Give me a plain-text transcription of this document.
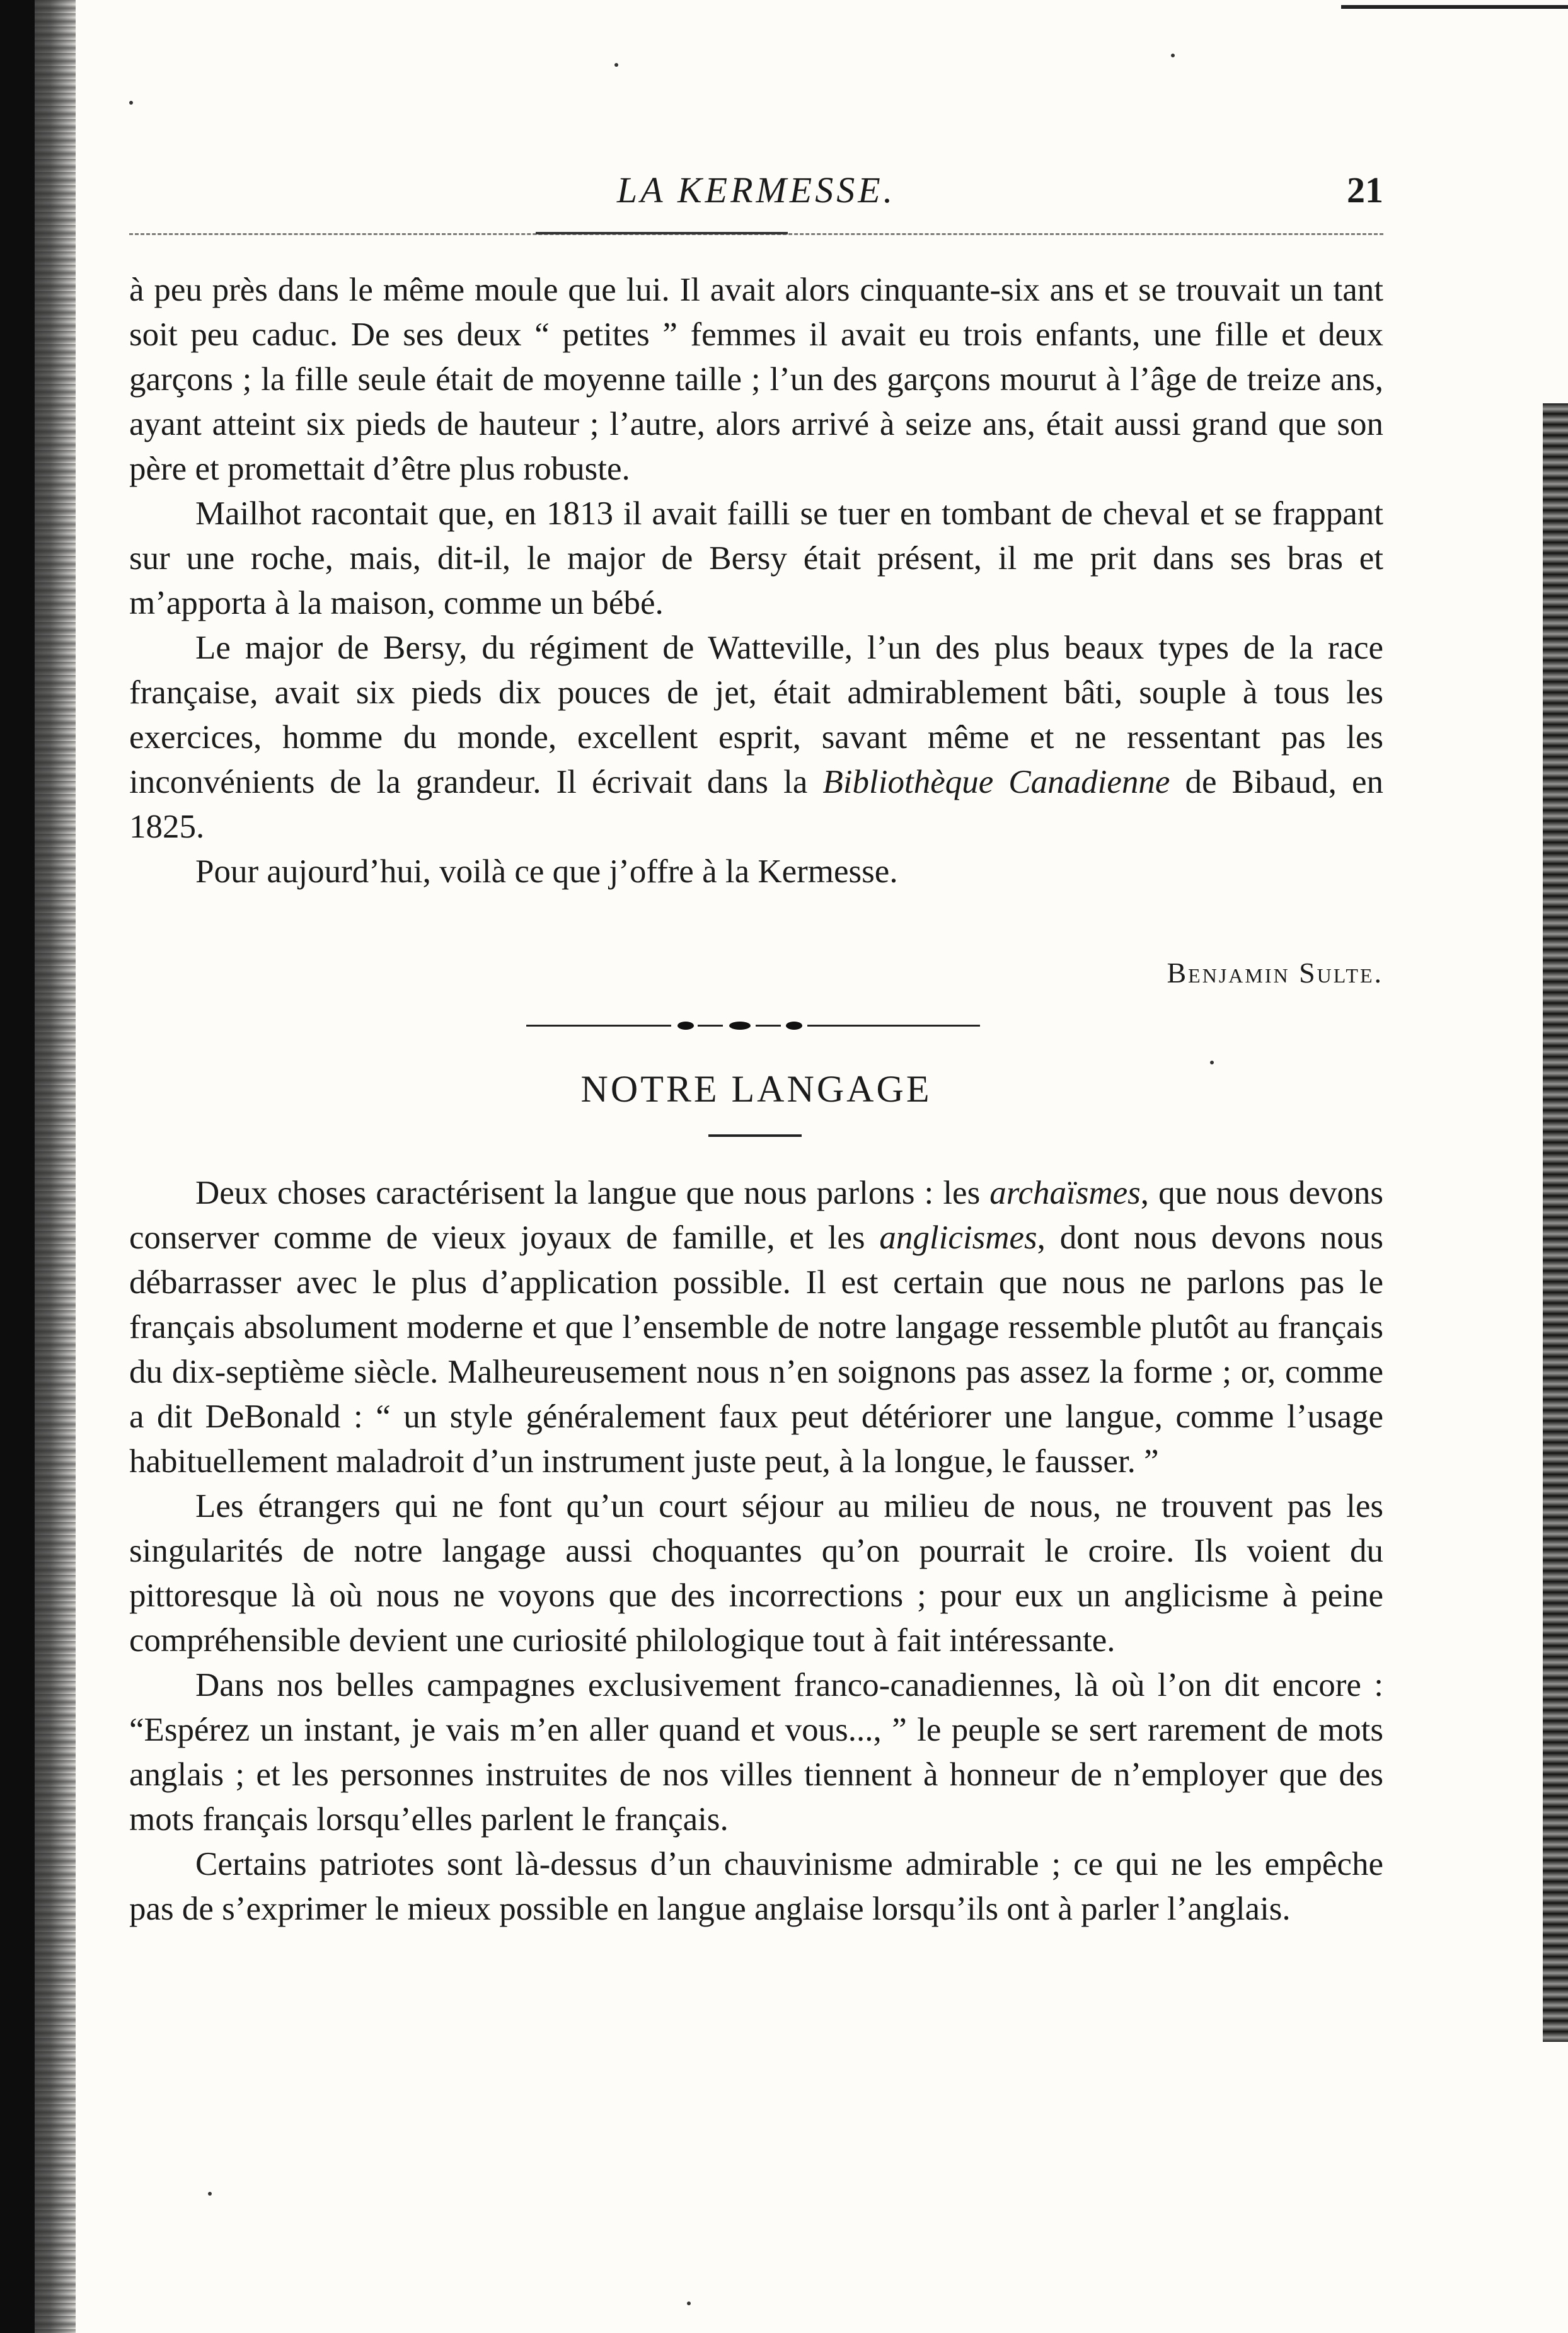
LA KERMESSE.	21

à peu près dans le même moule que lui. Il avait alors cinquante-six ans et se trouvait un tant soit peu caduc. De ses deux “ petites ” femmes il avait eu trois enfants, une fille et deux garçons ; la fille seule était de moyenne taille ; l’un des garçons mourut à l’âge de treize ans, ayant atteint six pieds de hauteur ; l’autre, alors arrivé à seize ans, était aussi grand que son père et promettait d’être plus robuste.

Mailhot racontait que, en 1813 il avait failli se tuer en tombant de cheval et se frappant sur une roche, mais, dit-il, le major de Bersy était présent, il me prit dans ses bras et m’apporta à la maison, comme un bébé.

Le major de Bersy, du régiment de Watteville, l’un des plus beaux types de la race française, avait six pieds dix pouces de jet, était admirablement bâti, souple à tous les exercices, homme du monde, excellent esprit, savant même et ne ressentant pas les inconvénients de la grandeur. Il écrivait dans la Bibliothèque Canadienne de Bibaud, en 1825.

Pour aujourd’hui, voilà ce que j’offre à la Kermesse.

Benjamin Sulte.
NOTRE LANGAGE

Deux choses caractérisent la langue que nous parlons : les archaïsmes, que nous devons conserver comme de vieux joyaux de famille, et les anglicismes, dont nous devons nous débarrasser avec le plus d’application possible. Il est certain que nous ne parlons pas le français absolument moderne et que l’ensemble de notre langage ressemble plutôt au français du dix-septième siècle. Malheureusement nous n’en soignons pas assez la forme ; or, comme a dit DeBonald : “ un style généralement faux peut détériorer une langue, comme l’usage habituellement maladroit d’un instrument juste peut, à la longue, le fausser. ”

Les étrangers qui ne font qu’un court séjour au milieu de nous, ne trouvent pas les singularités de notre langage aussi choquantes qu’on pourrait le croire. Ils voient du pittoresque là où nous ne voyons que des incorrections ; pour eux un anglicisme à peine compréhensible devient une curiosité philologique tout à fait intéressante.

Dans nos belles campagnes exclusivement franco-canadiennes, là où l’on dit encore : “Espérez un instant, je vais m’en aller quand et vous..., ” le peuple se sert rarement de mots anglais ; et les personnes instruites de nos villes tiennent à honneur de n’employer que des mots français lorsqu’elles parlent le français.

Certains patriotes sont là-dessus d’un chauvinisme admirable ; ce qui ne les empêche pas de s’exprimer le mieux possible en langue anglaise lorsqu’ils ont à parler l’anglais.
